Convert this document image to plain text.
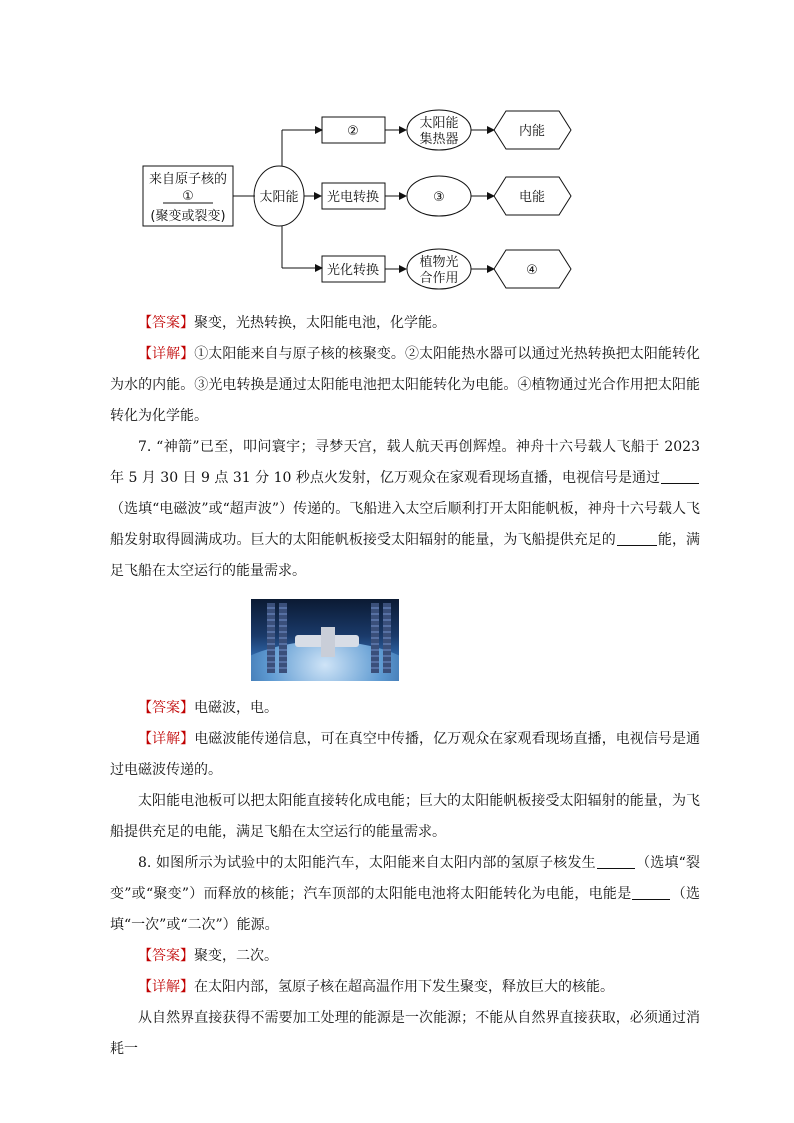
来自原子核的
①
(聚变或裂变)
太阳能
②
光电转换
光化转换
太阳能
集热器
③
植物光
合作用
内能
电能
④

【答案】聚变，光热转换，太阳能电池，化学能。

【详解】①太阳能来自与原子核的核聚变。②太阳能热水器可以通过光热转换把太阳能转化为水的内能。③光电转换是通过太阳能电池把太阳能转化为电能。④植物通过光合作用把太阳能转化为化学能。

7. “神箭”已至，叩问寰宇；寻梦天宫，载人航天再创辉煌。神舟十六号载人飞船于 2023 年 5 月 30 日 9 点 31 分 10 秒点火发射，亿万观众在家观看现场直播，电视信号是通过（选填“电磁波”或“超声波”）传递的。飞船进入太空后顺利打开太阳能帆板，神舟十六号载人飞船发射取得圆满成功。巨大的太阳能帆板接受太阳辐射的能量，为飞船提供充足的	能，满足飞船在太空运行的能量需求。

【答案】电磁波，电。

【详解】电磁波能传递信息，可在真空中传播，亿万观众在家观看现场直播，电视信号是通过电磁波传递的。

太阳能电池板可以把太阳能直接转化成电能；巨大的太阳能帆板接受太阳辐射的能量，为飞船提供充足的电能，满足飞船在太空运行的能量需求。

8. 如图所示为试验中的太阳能汽车，太阳能来自太阳内部的氢原子核发生	（选填“裂变”或“聚变”）而释放的核能；汽车顶部的太阳能电池将太阳能转化为电能，电能是	（选填“一次”或“二次”）能源。

【答案】聚变，二次。

【详解】在太阳内部，氢原子核在超高温作用下发生聚变，释放巨大的核能。

从自然界直接获得不需要加工处理的能源是一次能源；不能从自然界直接获取，必须通过消耗一
